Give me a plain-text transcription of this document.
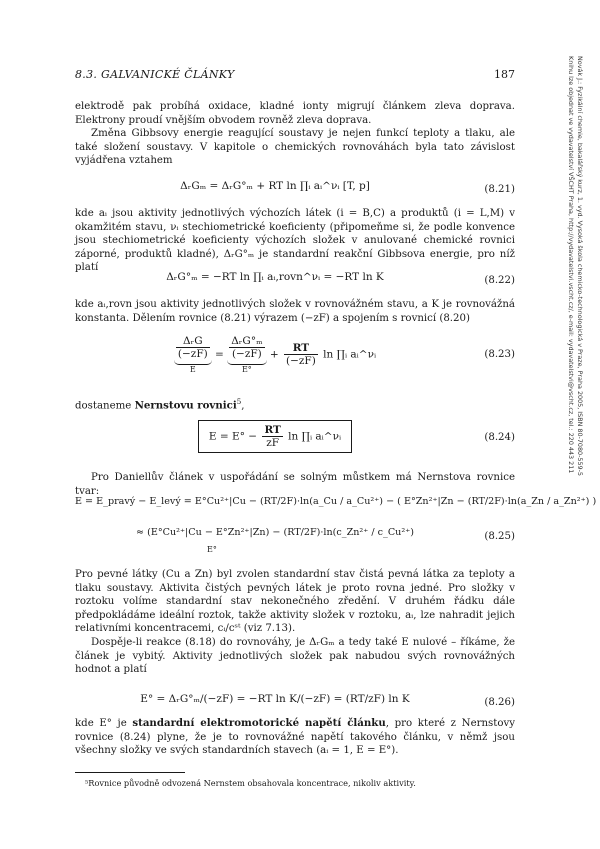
8.3. GALVANICKÉ ČLÁNKY	187	Novák J.: Fyzikální chemie, bakalářský kurz, 1. vyd. Vysoká škola chemicko-technologická v Praze, Praha 2005, ISBN 80-7080-559-5
Knihu lze objednat ve vydavatelství VŠCHT Praha, http://vydavatelstvi.vscht.cz/, e-mail: vydavatelstvi@vscht.cz, tel.: 220 443 211

elektrodě pak probíhá oxidace, kladné ionty migrují článkem zleva doprava. Elektrony proudí vnějším obvodem rovněž zleva doprava.

Změna Gibbsovy energie reagující soustavy je nejen funkcí teploty a tlaku, ale také složení soustavy. V kapitole o chemických rovnováhách byla tato závislost vyjádřena vztahem

ΔᵣGₘ = ΔᵣG°ₘ + RT ln ∏ᵢ aᵢ^νᵢ [T, p]	(8.21)

kde aᵢ jsou aktivity jednotlivých výchozích látek (i = B,C) a produktů (i = L,M) v okamžitém stavu, νᵢ stechiometrické koeficienty (připomeňme si, že podle konvence jsou stechiometrické koeficienty výchozích složek v anulované chemické rovnici záporné, produktů kladné), ΔᵣG°ₘ je standardní reakční Gibbsova energie, pro níž platí

ΔᵣG°ₘ = −RT ln ∏ᵢ aᵢ,rovn^νᵢ = −RT ln K	(8.22)

kde aᵢ,rovn jsou aktivity jednotlivých složek v rovnovážném stavu, a K je rovnovážná konstanta. Dělením rovnice (8.21) výrazem (−zF) a spojením s rovnicí (8.20)

$\frac{\text{ΔᵣG}}{(-zF)}$
E
= $\frac{\text{ΔᵣG°ₘ}}{(-zF)}$
E°
+ $\frac{RT}{(-zF)}$ ln ∏ᵢ aᵢ^νᵢ	(8.23)

dostaneme Nernstovu rovnici$^5$,

$E = E^\circ - \frac{RT}{zF}$ ln ∏ᵢ aᵢ^νᵢ	(8.24)

Pro Daniellův článek v uspořádání se solným můstkem má Nernstova rovnice tvar:

E = E_pravý − E_levý = E°Cu²⁺|Cu − (RT/2F)·ln(a_Cu / a_Cu²⁺) − ( E°Zn²⁺|Zn − (RT/2F)·ln(a_Zn / a_Zn²⁺) )
≈ (E°Cu²⁺|Cu − E°Zn²⁺|Zn) − (RT/2F)·ln(c_Zn²⁺ / c_Cu²⁺)
E°
(8.25)

Pro pevné látky (Cu a Zn) byl zvolen standardní stav čistá pevná látka za teploty a tlaku soustavy. Aktivita čistých pevných látek je proto rovna jedné. Pro složky v roztoku volíme standardní stav nekonečného zředění. V druhém řádku dále předpokládáme ideální roztok, takže aktivity složek v roztoku, aᵢ, lze nahradit jejich relativními koncentracemi, cᵢ/cˢᵗ (viz 7.13).

Dospěje-li reakce (8.18) do rovnováhy, je ΔᵣGₘ a tedy také E nulové – říkáme, že článek je vybitý. Aktivity jednotlivých složek pak nabudou svých rovnovážných hodnot a platí

E° = ΔᵣG°ₘ/(−zF) = −RT ln K/(−zF) = (RT/zF) ln K	(8.26)

kde E° je standardní elektromotorické napětí článku, pro které z Nernstovy rovnice (8.24) plyne, že je to rovnovážné napětí takového článku, v němž jsou všechny složky ve svých standardních stavech (aᵢ = 1, E = E°).

⁵Rovnice původně odvozená Nernstem obsahovala koncentrace, nikoliv aktivity.
